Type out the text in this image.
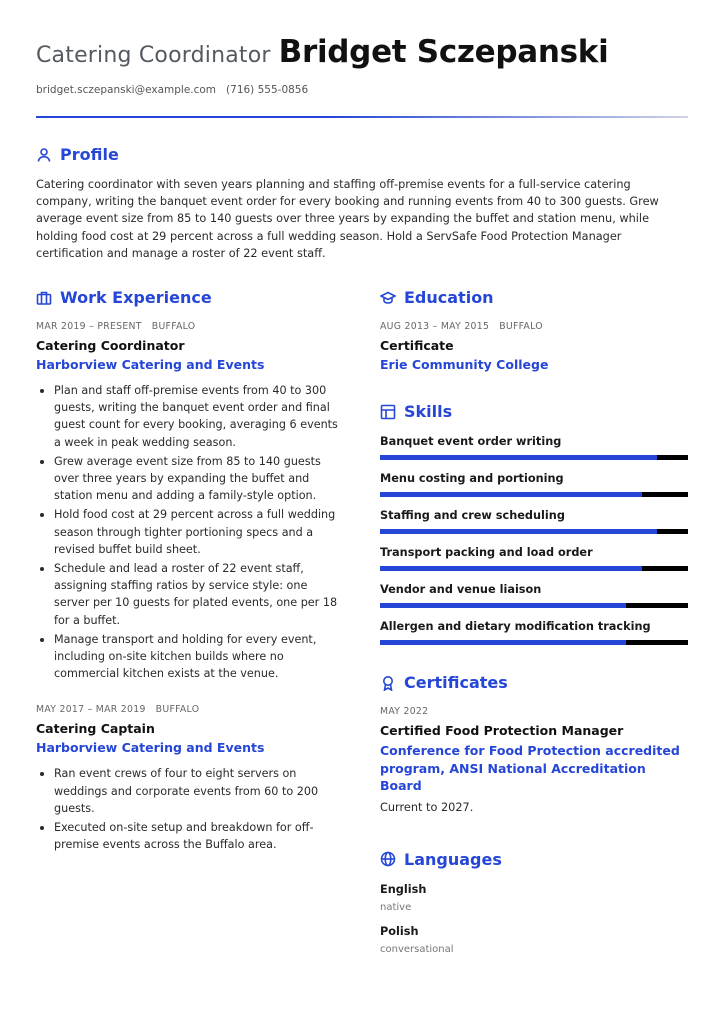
Catering Coordinator Bridget Sczepanski
bridget.sczepanski@example.com (716) 555-0856
Profile

Catering coordinator with seven years planning and staffing off-premise events for a full-service catering company, writing the banquet event order for every booking and running events from 40 to 300 guests. Grew average event size from 85 to 140 guests over three years by expanding the buffet and station menu, while holding food cost at 29 percent across a full wedding season. Hold a ServSafe Food Protection Manager certification and manage a roster of 22 event staff.

Work Experience
MAR 2019 – PRESENT BUFFALO
Catering Coordinator
Harborview Catering and Events
Plan and staff off-premise events from 40 to 300 guests, writing the banquet event order and final guest count for every booking, averaging 6 events a week in peak wedding season.
Grew average event size from 85 to 140 guests over three years by expanding the buffet and station menu and adding a family-style option.
Hold food cost at 29 percent across a full wedding season through tighter portioning specs and a revised buffet build sheet.
Schedule and lead a roster of 22 event staff, assigning staffing ratios by service style: one server per 10 guests for plated events, one per 18 for a buffet.
Manage transport and holding for every event, including on-site kitchen builds where no commercial kitchen exists at the venue.
MAY 2017 – MAR 2019 BUFFALO
Catering Captain
Harborview Catering and Events
Ran event crews of four to eight servers on weddings and corporate events from 60 to 200 guests.
Executed on-site setup and breakdown for off-premise events across the Buffalo area.
Education
AUG 2013 – MAY 2015 BUFFALO
Certificate
Erie Community College
Skills
Banquet event order writing
Menu costing and portioning
Staffing and crew scheduling
Transport packing and load order
Vendor and venue liaison
Allergen and dietary modification tracking
Certificates
MAY 2022
Certified Food Protection Manager
Conference for Food Protection accredited program, ANSI National Accreditation Board
Current to 2027.
Languages
English
native
Polish
conversational
